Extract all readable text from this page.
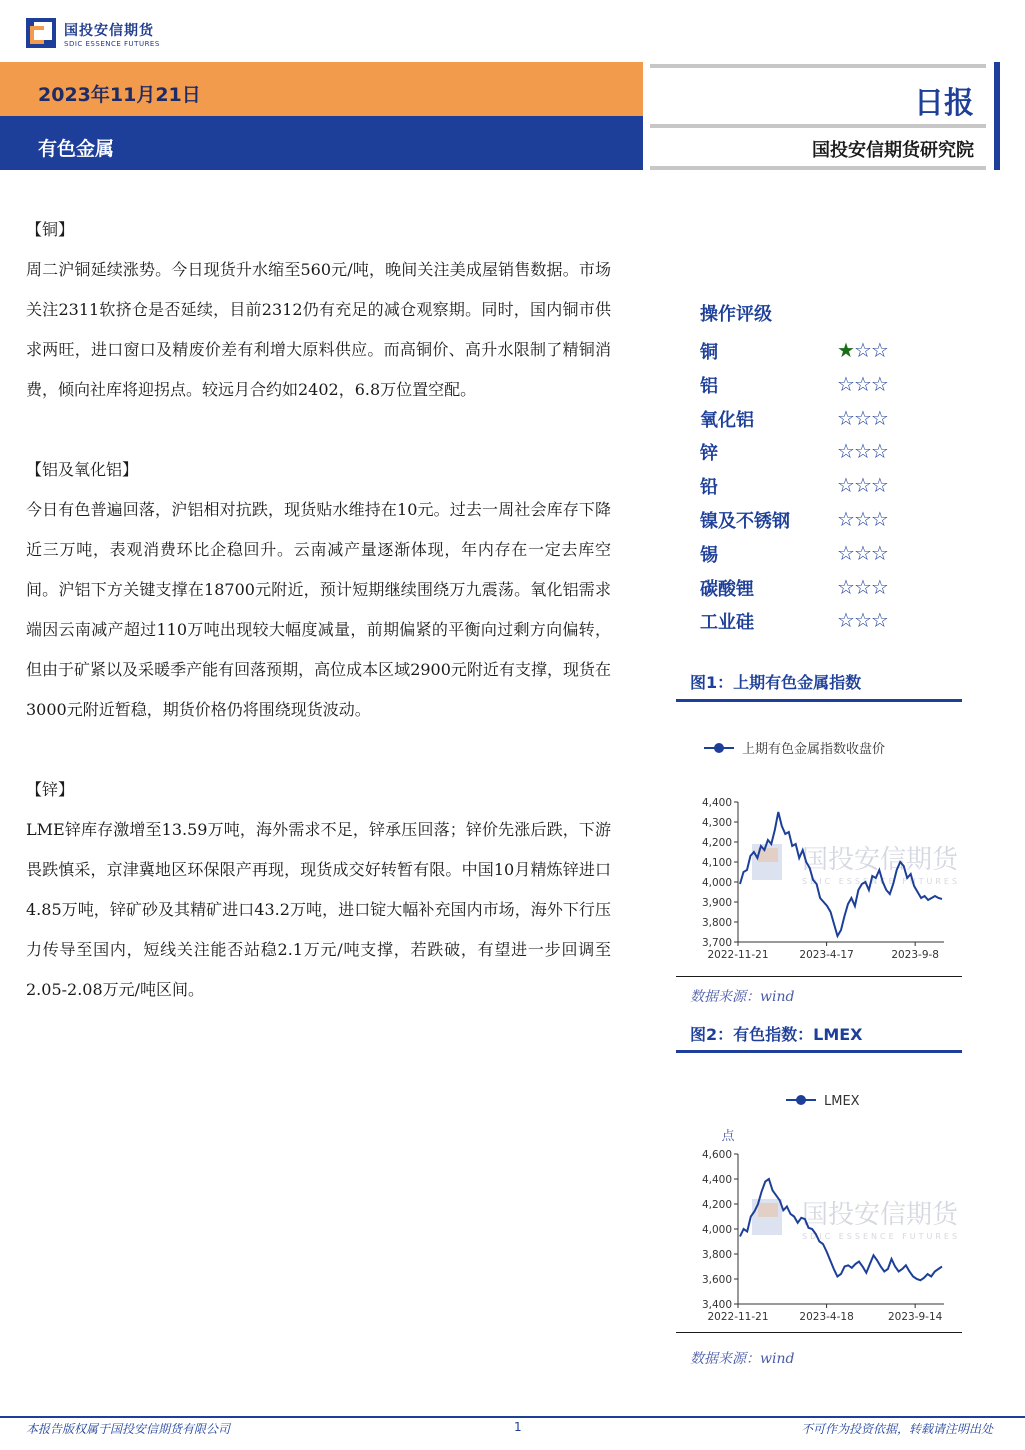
国投安信期货
SDIC ESSENCE FUTURES
2023年11月21日
有色金属
日报
国投安信期货研究院
【铜】
周二沪铜延续涨势。今日现货升水缩至560元/吨，晚间关注美成屋销售数据。市场关注2311软挤仓是否延续，目前2312仍有充足的减仓观察期。同时，国内铜市供求两旺，进口窗口及精废价差有利增大原料供应。而高铜价、高升水限制了精铜消费，倾向社库将迎拐点。较远月合约如2402，6.8万位置空配。
【铝及氧化铝】
今日有色普遍回落，沪铝相对抗跌，现货贴水维持在10元。过去一周社会库存下降近三万吨，表观消费环比企稳回升。云南减产量逐渐体现，年内存在一定去库空间。沪铝下方关键支撑在18700元附近，预计短期继续围绕万九震荡。氧化铝需求端因云南减产超过110万吨出现较大幅度减量，前期偏紧的平衡向过剩方向偏转，但由于矿紧以及采暖季产能有回落预期，高位成本区域2900元附近有支撑，现货在3000元附近暂稳，期货价格仍将围绕现货波动。
【锌】
LME锌库存激增至13.59万吨，海外需求不足，锌承压回落；锌价先涨后跌，下游畏跌慎采，京津冀地区环保限产再现，现货成交好转暂有限。中国10月精炼锌进口4.85万吨，锌矿砂及其精矿进口43.2万吨，进口锭大幅补充国内市场，海外下行压力传导至国内，短线关注能否站稳2.1万元/吨支撑，若跌破，有望进一步回调至2.05-2.08万元/吨区间。
操作评级
铜	★☆☆
铝	☆☆☆
氧化铝	☆☆☆
锌	☆☆☆
铅	☆☆☆
镍及不锈钢 ☆☆☆
锡	☆☆☆
碳酸锂	☆☆☆
工业硅	☆☆☆
图1：上期有色金属指数
上期有色金属指数收盘价
国投安信期货
SDIC ESSENCE FUTURES
3,700
3,800
3,900
4,000
4,100
4,200
4,300
4,400
2022-11-21	2023-4-17	2023-9-8
数据来源：wind
图2：有色指数：LMEX
LMEX
点
国投安信期货
SDIC ESSENCE FUTURES
3,400
3,600
3,800
4,000
4,200
4,400
4,600
2022-11-21	2023-4-18	2023-9-14
数据来源：wind
本报告版权属于国投安信期货有限公司	1	不可作为投资依据，转载请注明出处
